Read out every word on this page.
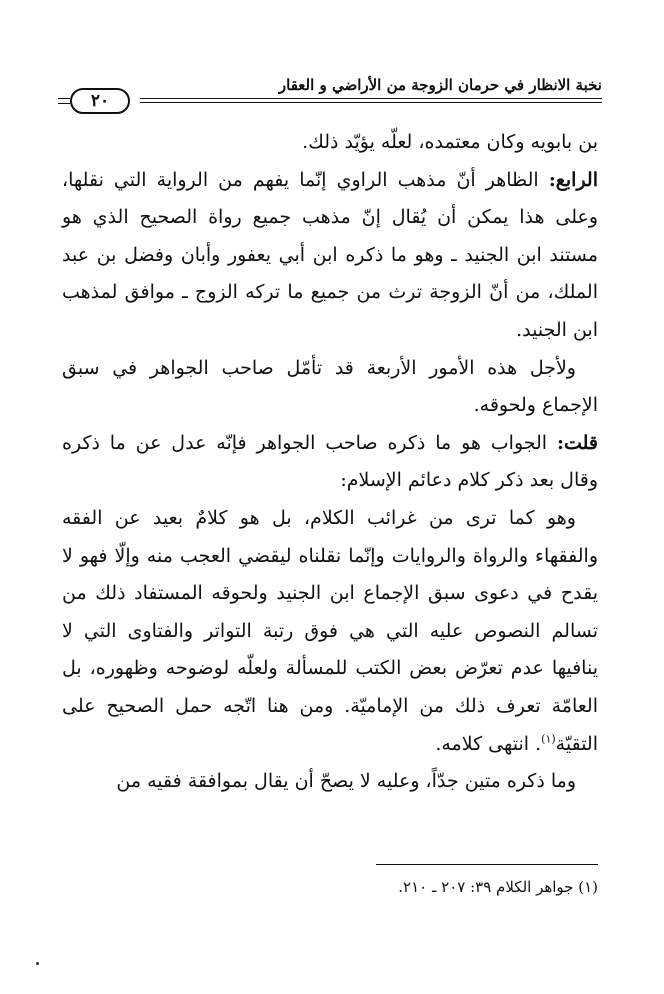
نخبة الانظار في حرمان الزوجة من الأراضي و العقار
٢٠

بن بابويه وكان معتمده، لعلّه يؤيّد ذلك.

الرابع: الظاهر أنّ مذهب الراوي إنّما يفهم من الرواية التي نقلها، وعلى هذا يمكن أن يُقال إنّ مذهب جميع رواة الصحيح الذي هو مستند ابن الجنيد ـ وهو ما ذكره ابن أبي يعفور وأبان وفضل بن عبد الملك، من أنّ الزوجة ترث من جميع ما تركه الزوج ـ موافق لمذهب ابن الجنيد.

ولأجل هذه الأمور الأربعة قد تأمّل صاحب الجواهر في سبق الإجماع ولحوقه.

قلت: الجواب هو ما ذكره صاحب الجواهر فإنّه عدل عن ما ذكره وقال بعد ذكر كلام دعائم الإسلام:

وهو كما ترى من غرائب الكلام، بل هو كلامٌ بعيد عن الفقه والفقهاء والرواة والروايات وإنّما نقلناه ليقضي العجب منه وإلّا فهو لا يقدح في دعوى سبق الإجماع ابن الجنيد ولحوقه المستفاد ذلك من تسالم النصوص عليه التي هي فوق رتبة التواتر والفتاوى التي لا ينافيها عدم تعرّض بعض الكتب للمسألة ولعلّه لوضوحه وظهوره، بل العامّة تعرف ذلك من الإماميّة. ومن هنا اتّجه حمل الصحيح على التقيّة$^{(١)}$. انتهى كلامه.

وما ذكره متين جدّاً، وعليه لا يصحّ أن يقال بموافقة فقيه من

(١) جواهر الكلام ٣٩: ٢٠٧ ـ ٢١٠.
